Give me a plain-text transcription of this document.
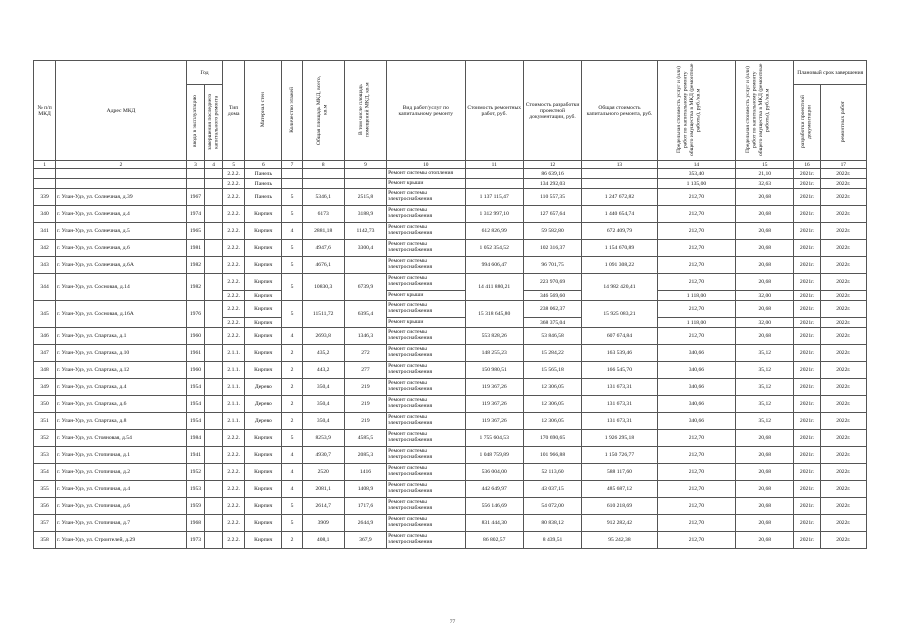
№ п/п МКД	Адрес МКД	Год		Тип дома	Материал стен	Количество этажей	Общая площадь МКД, всего, кв.м	В том числе площадь помещений МКД, кв.м	Вид работ/услуг по капитальному ремонту	Стоимость ремонтных работ, руб.	Стоимость разработки проектной документации, руб.	Общая стоимость капитального ремонта, руб.	Предельная стоимость услуг и (или) работ по капитальному ремонту общего имущества в МКД (ремонтные работы), руб./кв.м	Предельная стоимость услуг и (или) работ по капитальному ремонту общего имущества в МКД (ремонтные работы), руб./кв.м	Плановый срок завершения	
		ввода в эксплуатацию	завершения последнего капитального ремонта												разработки проектной документации	ремонтных работ
1	2	3	4	5	6	7	8	9	10	11	12	13	14	15	16	17
				2.2.2.	Панель				Ремонт системы отопления		86 639,16		353,40	21,10	2021г.	2022г.
				2.2.2.	Панель				Ремонт крыши		134 292,03		1 135,00	32,63	2021г.	2022г.
339	г. Улан-Удэ, ул. Солнечная, д.39	1967		2.2.2.	Панель	5	5346,1	2515,8	Ремонт системы электроснабжения	1 137 115,47	110 557,35	1 247 672,82	212,70	20,68	2021г.	2022г.
340	г. Улан-Удэ, ул. Солнечная, д.4	1974		2.2.2.	Кирпич	5	6173	3188,9	Ремонт системы электроснабжения	1 312 997,10	127 657,64	1 440 654,74	212,70	20,68	2021г.	2022г.
341	г. Улан-Удэ, ул. Солнечная, д.5	1965		2.2.2.	Кирпич	4	2881,18	1142,73	Ремонт системы электроснабжения	612 826,99	59 582,80	672 409,79	212,70	20,68	2021г.	2022г.
342	г. Улан-Удэ, ул. Солнечная, д.6	1981		2.2.2.	Кирпич	5	4947,6	3300,4	Ремонт системы электроснабжения	1 052 354,52	102 316,37	1 154 670,89	212,70	20,68	2021г.	2022г.
343	г. Улан-Удэ, ул. Солнечная, д.6А	1982		2.2.2.	Кирпич	5	4676,1		Ремонт системы электроснабжения	994 606,47	96 701,75	1 091 308,22	212,70	20,68	2021г.	2022г.
344	г. Улан-Удэ, ул. Сосновая, д.14	1982		2.2.2.	Кирпич	5	10830,3	6739,9	Ремонт системы электроснабжения	14 411 880,21	223 970,69	14 982 420,41	212,70	20,68	2021г.	2022г.
				2.2.2.	Кирпич				Ремонт крыши		346 569,60		1 118,00	32,00	2021г.	2022г.
345	г. Улан-Удэ, ул. Сосновая, д.16А	1976		2.2.2.	Кирпич	5	11511,72	6395,4	Ремонт системы электроснабжения	15 318 645,80	238 062,37	15 925 083,21	212,70	20,68	2021г.	2022г.
				2.2.2.	Кирпич				Ремонт крыши		368 375,04		1 118,00	32,00	2021г.	2022г.
346	г. Улан-Удэ, ул. Спартака, д.1	1960		2.2.2.	Кирпич	4	2693,8	1346,3	Ремонт системы электроснабжения	553 828,26	53 846,58	607 674,84	212,70	20,68	2021г.	2022г.
347	г. Улан-Удэ, ул. Спартака, д.10	1961		2.1.1.	Кирпич	2	435,2	272	Ремонт системы электроснабжения	148 255,23	15 284,22	163 539,46	340,66	35,12	2021г.	2022г.
348	г. Улан-Удэ, ул. Спартака, д.12	1960		2.1.1.	Кирпич	2	443,2	277	Ремонт системы электроснабжения	150 980,51	15 565,18	166 545,70	340,66	35,12	2021г.	2022г.
349	г. Улан-Удэ, ул. Спартака, д.4	1954		2.1.1.	Дерево	2	350,4	219	Ремонт системы электроснабжения	119 367,26	12 306,05	131 673,31	340,66	35,12	2021г.	2022г.
350	г. Улан-Удэ, ул. Спартака, д.6	1954		2.1.1.	Дерево	2	350,4	219	Ремонт системы электроснабжения	119 367,26	12 306,05	131 673,31	340,66	35,12	2021г.	2022г.
351	г. Улан-Удэ, ул. Спартака, д.8	1954		2.1.1.	Дерево	2	350,4	219	Ремонт системы электроснабжения	119 367,26	12 306,05	131 673,31	340,66	35,12	2021г.	2022г.
352	г. Улан-Удэ, ул. Стояновая, д.54	1984		2.2.2.	Кирпич	5	8253,9	4585,5	Ремонт системы электроснабжения	1 755 604,53	170 690,65	1 926 295,18	212,70	20,68	2021г.	2022г.
353	г. Улан-Удэ, ул. Стопичная, д.1	1941		2.2.2.	Кирпич	4	4930,7	2085,3	Ремонт системы электроснабжения	1 048 759,89	101 966,88	1 150 726,77	212,70	20,68	2021г.	2022г.
354	г. Улан-Удэ, ул. Стопичная, д.2	1952		2.2.2.	Кирпич	4	2520	1416	Ремонт системы электроснабжения	536 004,00	52 113,60	588 117,60	212,70	20,68	2021г.	2022г.
355	г. Улан-Удэ, ул. Стопичная, д.4	1953		2.2.2.	Кирпич	4	2081,1	1408,9	Ремонт системы электроснабжения	442 649,97	43 037,15	485 687,12	212,70	20,68	2021г.	2022г.
356	г. Улан-Удэ, ул. Стопичная, д.6	1959		2.2.2.	Кирпич	5	2614,7	1717,6	Ремонт системы электроснабжения	556 146,69	54 072,00	610 218,69	212,70	20,68	2021г.	2022г.
357	г. Улан-Удэ, ул. Стопичная, д.7	1968		2.2.2.	Кирпич	5	3909	2644,9	Ремонт системы электроснабжения	831 444,30	80 838,12	912 282,42	212,70	20,68	2021г.	2022г.
358	г. Улан-Удэ, ул. Строителей, д.29	1973		2.2.2.	Кирпич	2	408,1	367,9	Ремонт системы электроснабжения	86 802,57	8 439,51	95 242,38	212,70	20,68	2021г.	2022г.
77
